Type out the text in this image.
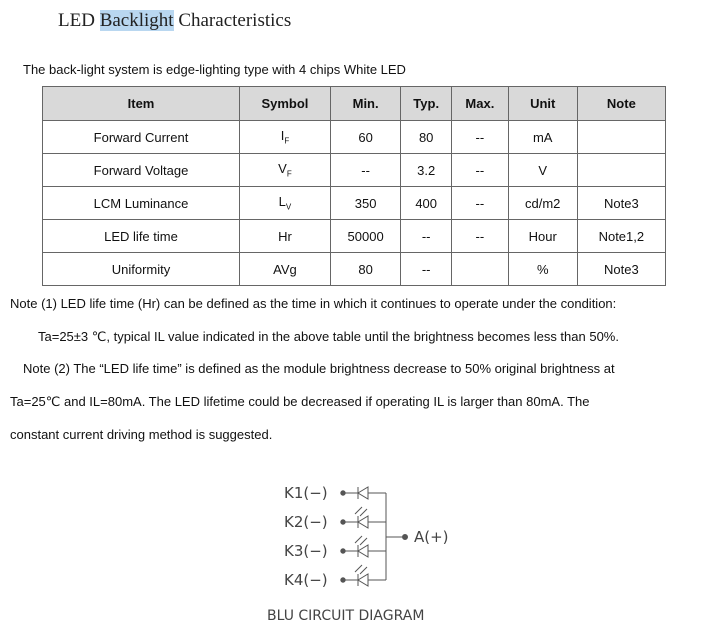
LED Backlight Characteristics
The back-light system is edge-lighting type with 4 chips White LED
Item	Symbol	Min.	Typ.	Max.	Unit	Note
Forward Current	$I_F$	60	80	--	mA	
Forward Voltage	$V_F$	--	3.2	--	V	
LCM Luminance	$L_V$	350	400	--	cd/m2	Note3
LED life time	Hr	50000	--	--	Hour	Note1,2
Uniformity	AVg	80	--		%	Note3
Note (1) LED life time (Hr) can be defined as the time in which it continues to operate under the condition:
Ta=25±3 ℃, typical IL value indicated in the above table until the brightness becomes less than 50%.
Note (2) The “LED life time” is defined as the module brightness decrease to 50% original brightness at
Ta=25℃ and IL=80mA. The LED lifetime could be decreased if operating IL is larger than 80mA. The
constant current driving method is suggested.
K1(−)
K2(−)
K3(−)
K4(−)
A(+)
BLU CIRCUIT DIAGRAM
